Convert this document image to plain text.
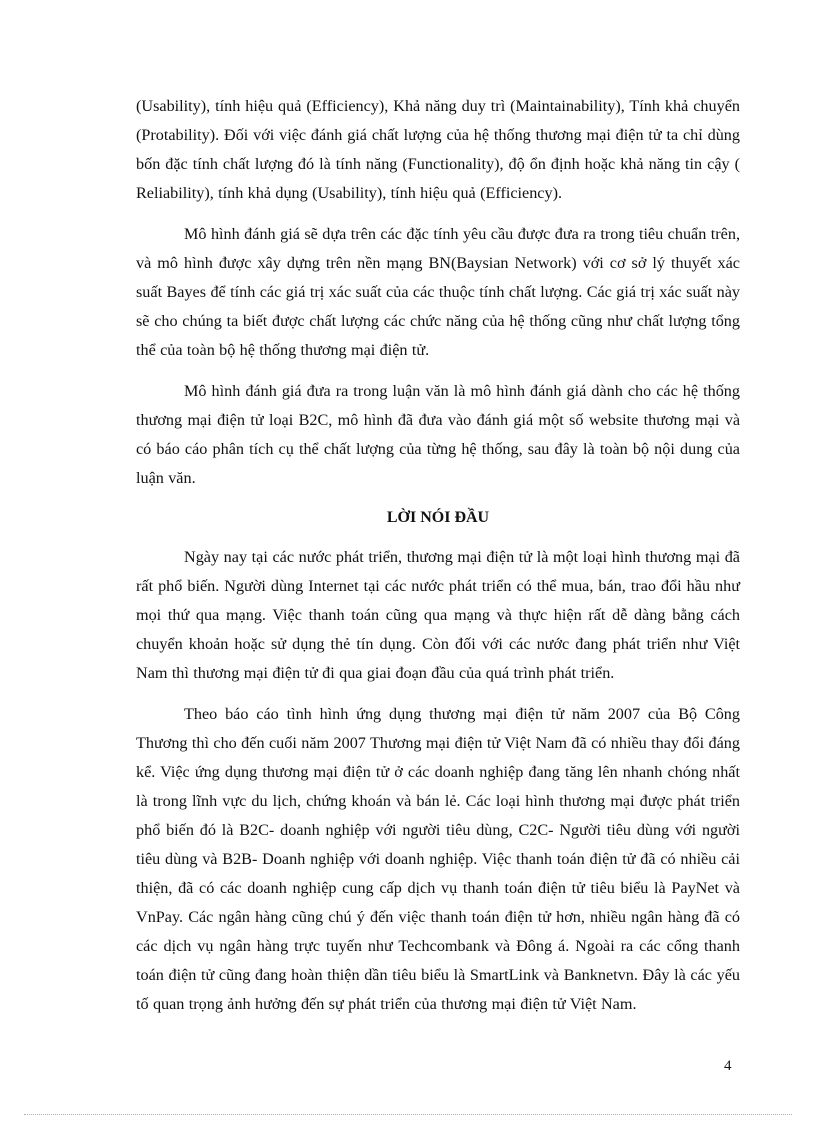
(Usability), tính hiệu quả (Efficiency), Khả năng duy trì (Maintainability), Tính khả chuyển (Protability). Đối với việc đánh giá chất lượng của hệ thống thương mại điện tử ta chỉ dùng bốn đặc tính chất lượng đó là tính năng (Functionality), độ ổn định hoặc khả năng tin cậy ( Reliability), tính khả dụng (Usability), tính hiệu quả (Efficiency).

Mô hình đánh giá sẽ dựa trên các đặc tính yêu cầu được đưa ra trong tiêu chuẩn trên, và mô hình được xây dựng trên nền mạng BN(Baysian Network) với cơ sở lý thuyết xác suất Bayes để tính các giá trị xác suất của các thuộc tính chất lượng. Các giá trị xác suất này sẽ cho chúng ta biết được chất lượng các chức năng của hệ thống cũng như chất lượng tổng thể của toàn bộ hệ thống thương mại điện tử.

Mô hình đánh giá đưa ra trong luận văn là mô hình đánh giá dành cho các hệ thống thương mại điện tử loại B2C, mô hình đã đưa vào đánh giá một số website thương mại và có báo cáo phân tích cụ thể chất lượng của từng hệ thống, sau đây là toàn bộ nội dung của luận văn.

LỜI NÓI ĐẦU

Ngày nay tại các nước phát triển, thương mại điện tử là một loại hình thương mại đã rất phổ biến. Người dùng Internet tại các nước phát triển có thể mua, bán, trao đổi hầu như mọi thứ qua mạng. Việc thanh toán cũng qua mạng và thực hiện rất dễ dàng bằng cách chuyển khoản hoặc sử dụng thẻ tín dụng. Còn đối với các nước đang phát triển như Việt Nam thì thương mại điện tử đi qua giai đoạn đầu của quá trình phát triển.

Theo báo cáo tình hình ứng dụng thương mại điện tử năm 2007 của Bộ Công Thương thì cho đến cuối năm 2007 Thương mại điện tử Việt Nam đã có nhiều thay đổi đáng kể. Việc ứng dụng thương mại điện tử ở các doanh nghiệp đang tăng lên nhanh chóng nhất là trong lĩnh vực du lịch, chứng khoán và bán lẻ. Các loại hình thương mại được phát triển phổ biến đó là B2C- doanh nghiệp với người tiêu dùng, C2C- Người tiêu dùng với người tiêu dùng và B2B- Doanh nghiệp với doanh nghiệp. Việc thanh toán điện tử đã có nhiều cải thiện, đã có các doanh nghiệp cung cấp dịch vụ thanh toán điện tử tiêu biểu là PayNet và VnPay. Các ngân hàng cũng chú ý đến việc thanh toán điện tử hơn, nhiều ngân hàng đã có các dịch vụ ngân hàng trực tuyến như Techcombank và Đông á. Ngoài ra các cổng thanh toán điện tử cũng đang hoàn thiện dần tiêu biểu là SmartLink và Banknetvn. Đây là các yếu tố quan trọng ảnh hưởng đến sự phát triển của thương mại điện tử Việt Nam.

4
